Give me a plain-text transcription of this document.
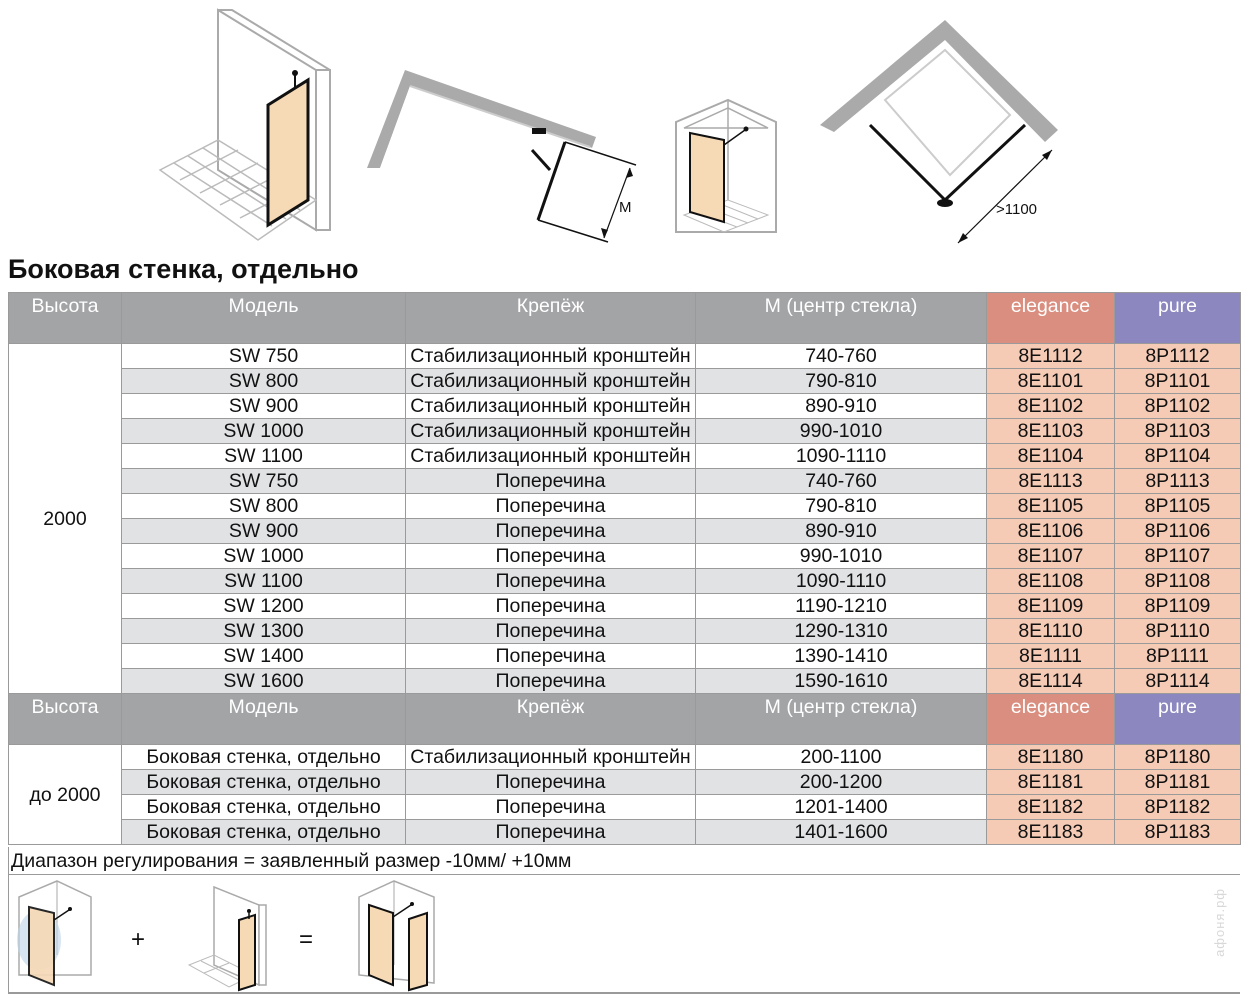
M	>1100
Боковая стенка, отдельно
Высота	Модель	Крепёж	M (центр стекла)	elegance	pure
2000	SW 750	Стабилизационный кронштейн	740-760	8E1112	8P1112
	SW 800	Стабилизационный кронштейн	790-810	8E1101	8P1101
	SW 900	Стабилизационный кронштейн	890-910	8E1102	8P1102
	SW 1000	Стабилизационный кронштейн	990-1010	8E1103	8P1103
	SW 1100	Стабилизационный кронштейн	1090-1110	8E1104	8P1104
	SW 750	Поперечина	740-760	8E1113	8P1113
	SW 800	Поперечина	790-810	8E1105	8P1105
	SW 900	Поперечина	890-910	8E1106	8P1106
	SW 1000	Поперечина	990-1010	8E1107	8P1107
	SW 1100	Поперечина	1090-1110	8E1108	8P1108
	SW 1200	Поперечина	1190-1210	8E1109	8P1109
	SW 1300	Поперечина	1290-1310	8E1110	8P1110
	SW 1400	Поперечина	1390-1410	8E1111	8P1111
	SW 1600	Поперечина	1590-1610	8E1114	8P1114
Высота	Модель	Крепёж	M (центр стекла)	elegance	pure
до 2000	Боковая стенка, отдельно	Стабилизационный кронштейн	200-1100	8E1180	8P1180
	Боковая стенка, отдельно	Поперечина	200-1200	8E1181	8P1181
	Боковая стенка, отдельно	Поперечина	1201-1400	8E1182	8P1182
	Боковая стенка, отдельно	Поперечина	1401-1600	8E1183	8P1183
Диапазон регулирования = заявленный размер -10мм/ +10мм
+	=	афоня.рф
